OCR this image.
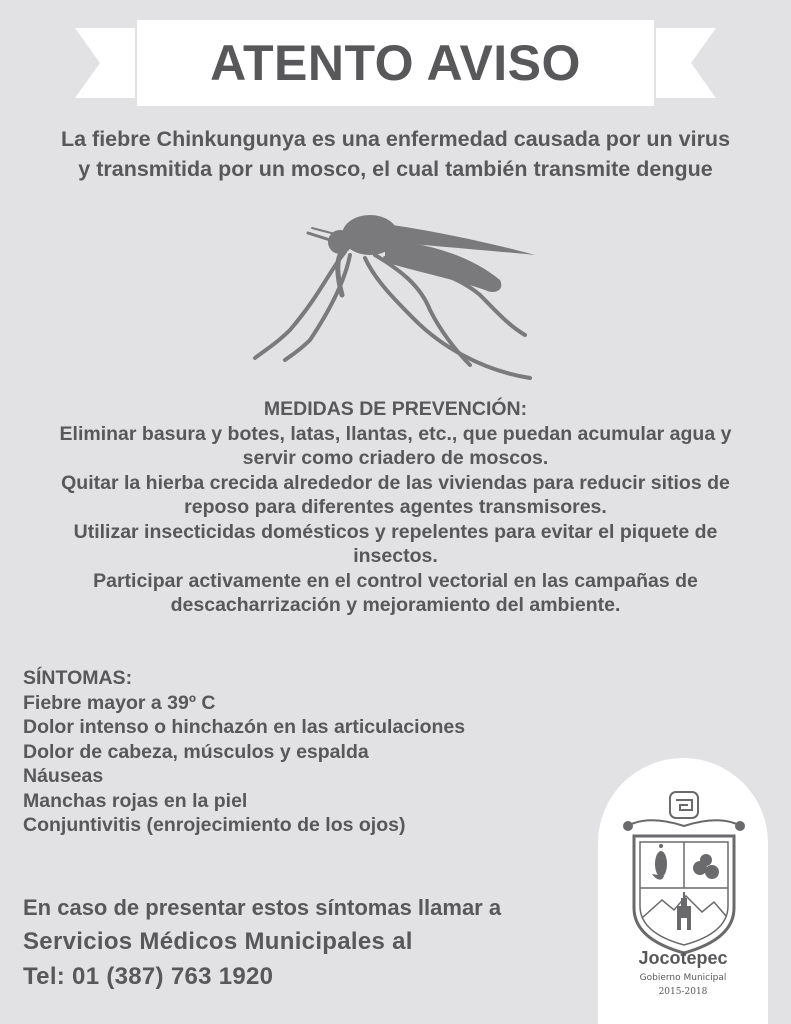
ATENTO AVISO
La fiebre Chinkungunya es una enfermedad causada por un virus
y transmitida por un mosco, el cual también transmite dengue
MEDIDAS DE PREVENCIÓN:
Eliminar basura y botes, latas, llantas, etc., que puedan acumular agua y
servir como criadero de moscos.
Quitar la hierba crecida alrededor de las viviendas para reducir sitios de
reposo para diferentes agentes transmisores.
Utilizar insecticidas domésticos y repelentes para evitar el piquete de
insectos.
Participar activamente en el control vectorial en las campañas de
descacharrización y mejoramiento del ambiente.
SÍNTOMAS:
Fiebre mayor a 39º C
Dolor intenso o hinchazón en las articulaciones
Dolor de cabeza, músculos y espalda
Náuseas
Manchas rojas en la piel
Conjuntivitis (enrojecimiento de los ojos)
En caso de presentar estos síntomas llamar a
Servicios Médicos Municipales al
Tel: 01 (387) 763 1920
Jocotepec
Gobierno Municipal
2015-2018
